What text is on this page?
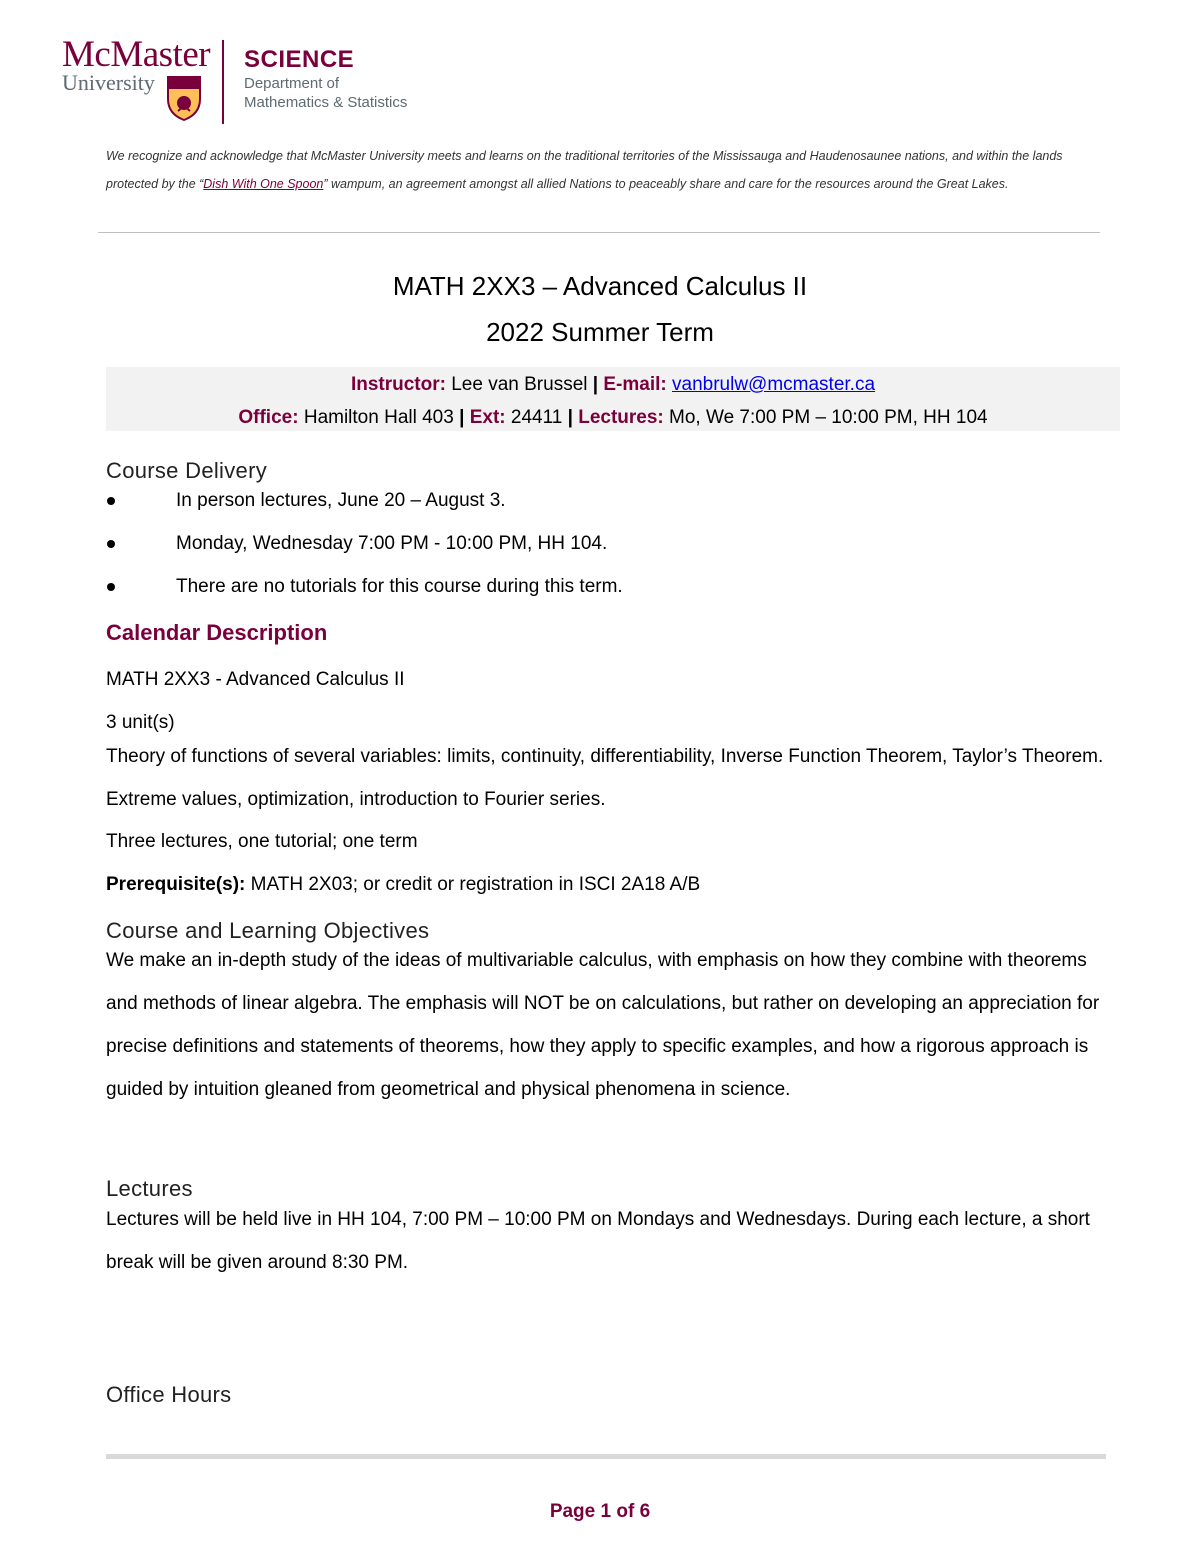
McMaster
University
SCIENCE
Department of
Mathematics & Statistics
We recognize and acknowledge that McMaster University meets and learns on the traditional territories of the Mississauga and Haudenosaunee nations, and within the lands protected by the “Dish With One Spoon” wampum, an agreement amongst all allied Nations to peaceably share and care for the resources around the Great Lakes.
MATH 2XX3 – Advanced Calculus II
2022 Summer Term
Instructor: Lee van Brussel | E-mail: vanbrulw@mcmaster.ca
Office: Hamilton Hall 403 | Ext: 24411 | Lectures: Mo, We 7:00 PM – 10:00 PM, HH 104
Course Delivery
In person lectures, June 20 – August 3.
Monday, Wednesday 7:00 PM - 10:00 PM, HH 104.
There are no tutorials for this course during this term.
Calendar Description
MATH 2XX3 - Advanced Calculus II
3 unit(s)
Theory of functions of several variables: limits, continuity, differentiability, Inverse Function Theorem, Taylor’s Theorem. Extreme values, optimization, introduction to Fourier series.
Three lectures, one tutorial; one term
Prerequisite(s): MATH 2X03; or credit or registration in ISCI 2A18 A/B
Course and Learning Objectives
We make an in-depth study of the ideas of multivariable calculus, with emphasis on how they combine with theorems and methods of linear algebra. The emphasis will NOT be on calculations, but rather on developing an appreciation for precise definitions and statements of theorems, how they apply to specific examples, and how a rigorous approach is guided by intuition gleaned from geometrical and physical phenomena in science.
Lectures
Lectures will be held live in HH 104, 7:00 PM – 10:00 PM on Mondays and Wednesdays. During each lecture, a short break will be given around 8:30 PM.
Office Hours
Page 1 of 6
